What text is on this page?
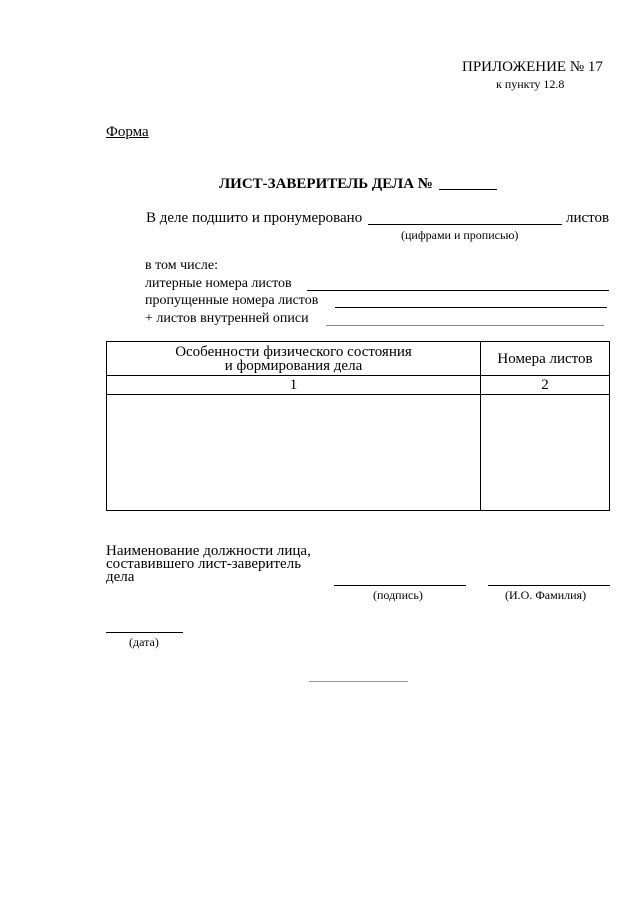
ПРИЛОЖЕНИЕ № 17
к пункту 12.8
Форма
ЛИСТ-ЗАВЕРИТЕЛЬ ДЕЛА №
В деле подшито и пронумеровано	листов
(цифрами и прописью)
в том числе:
литерные номера листов
пропущенные номера листов
+ листов внутренней описи
Особенности физического состояния
и формирования дела	Номера листов
1	2

Наименование должности лица,
составившего лист-заверитель
дела
(подпись)	(И.О. Фамилия)
(дата)
